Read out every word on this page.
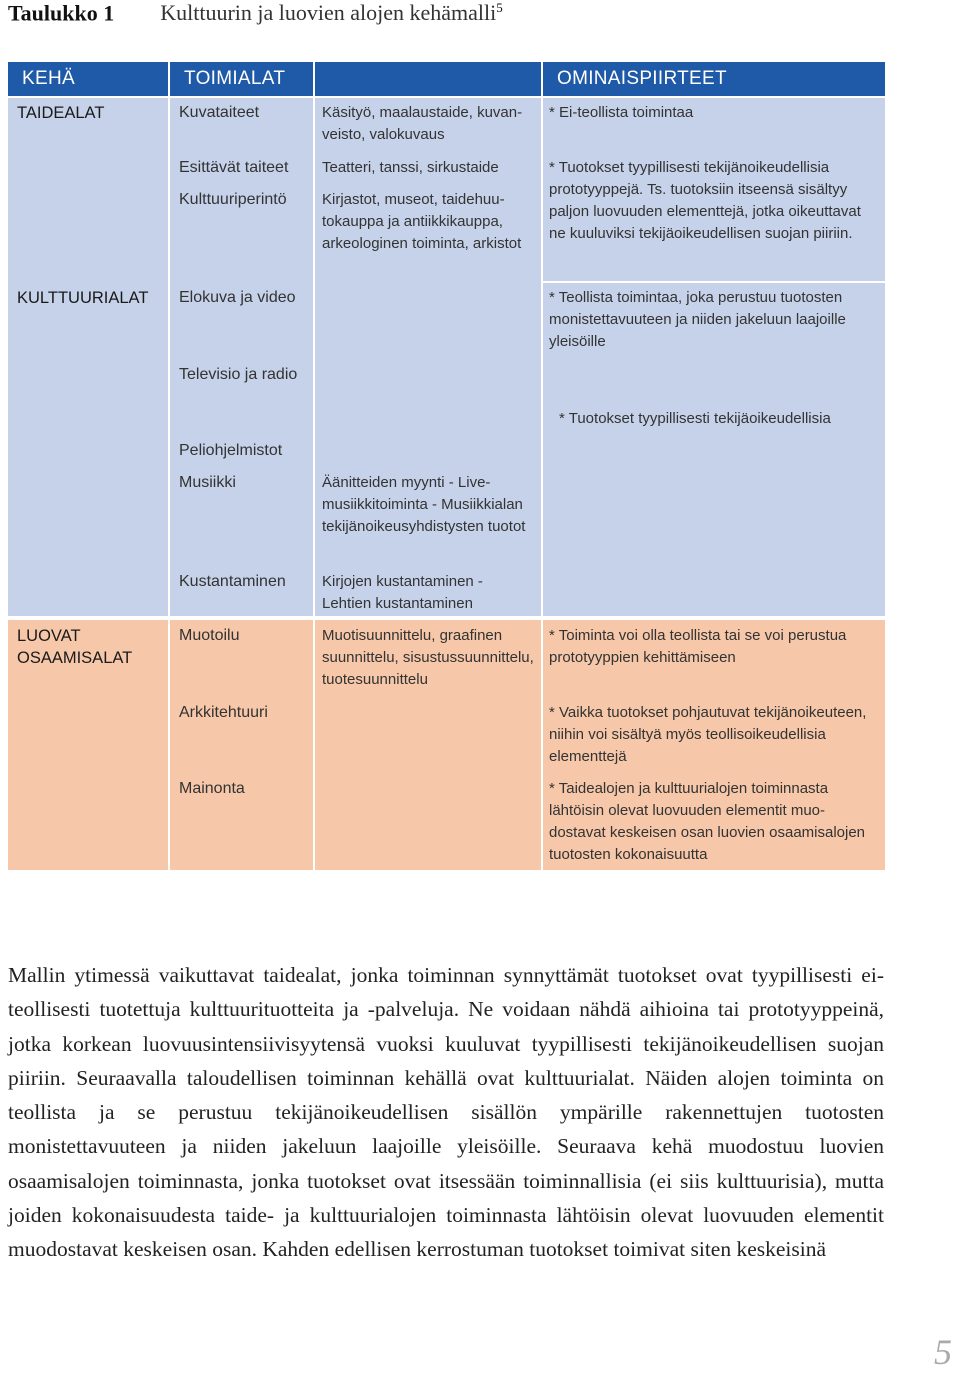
Taulukko 1 Kulttuurin ja luovien alojen kehämalli$^5$
KEHÄ	TOIMIALAT	OMINAISPIIRTEET
TAIDEALAT
KULTTUURIALAT
LUOVAT OSAAMISALAT
Kuvataiteet
Esittävät taiteet
Kulttuuriperintö
Elokuva ja video
Televisio ja radio
Peliohjelmistot
Musiikki
Kustantaminen
Muotoilu
Arkkitehtuuri
Mainonta
Käsityö, maalaustaide, kuvanveisto, valokuvaus
Teatteri, tanssi, sirkustaide
Kirjastot, museot, taidehuutokauppa ja antiikkikauppa, arkeologinen toiminta, arkistot
Äänitteiden myynti - Livemusiikkitoiminta - Musiikkialan tekijänoikeusyhdistysten tuotot
Kirjojen kustantaminen - Lehtien kustantaminen
Muotisuunnittelu, graafinen suunnittelu, sisustussuunnittelu, tuotesuunnittelu
* Ei-teollista toimintaa
* Tuotokset tyypillisesti tekijänoikeudellisia prototyyppejä. Ts. tuotoksiin itseensä sisältyy paljon luovuuden elementtejä, jotka oikeuttavat ne kuuluviksi tekijäoikeudellisen suojan piiriin.
* Teollista toimintaa, joka perustuu tuotosten monistettavuuteen ja niiden jakeluun laajoille yleisöille
* Tuotokset tyypillisesti tekijäoikeudellisia
* Toiminta voi olla teollista tai se voi perustua prototyyppien kehittämiseen
* Vaikka tuotokset pohjautuvat tekijänoikeuteen, niihin voi sisältyä myös teollisoikeudellisia elementtejä
* Taidealojen ja kulttuurialojen toiminnasta lähtöisin olevat luovuuden elementit muodostavat keskeisen osan luovien osaamisalojen tuotosten kokonaisuutta
Mallin ytimessä vaikuttavat taidealat, jonka toiminnan synnyttämät tuotokset ovat tyypillisesti ei-teollisesti tuotettuja kulttuurituotteita ja -palveluja. Ne voidaan nähdä aihioina tai prototyyppeinä, jotka korkean luovuusintensiivisyytensä vuoksi kuuluvat tyypillisesti tekijänoikeudellisen suojan piiriin. Seuraavalla taloudellisen toiminnan kehällä ovat kulttuurialat. Näiden alojen toiminta on teollista ja se perustuu tekijänoikeudellisen sisällön ympärille rakennettujen tuotosten monistettavuuteen ja niiden jakeluun laajoille yleisöille. Seuraava kehä muodostuu luovien osaamisalojen toiminnasta, jonka tuotokset ovat itsessään toiminnallisia (ei siis kulttuurisia), mutta joiden kokonaisuudesta taide- ja kulttuurialojen toiminnasta lähtöisin olevat luovuuden elementit muodostavat keskeisen osan. Kahden edellisen kerrostuman tuotokset toimivat siten keskeisinä
5
